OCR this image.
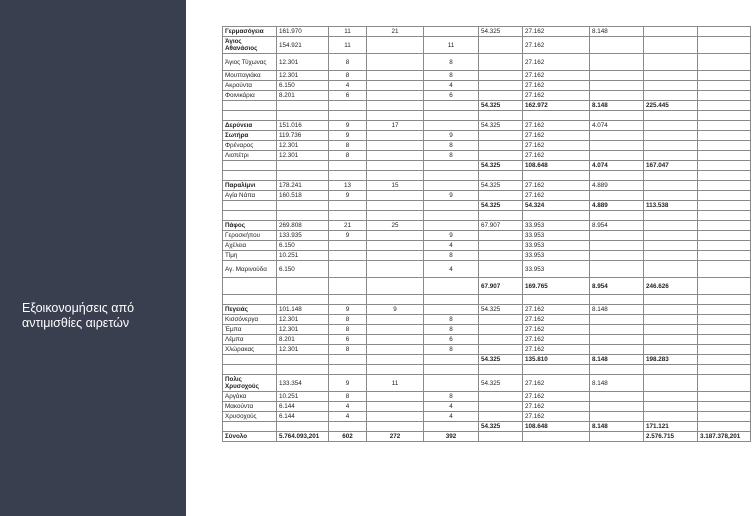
Εξοικονομήσεις από αντιμισθίες αιρετών
Γερμασόγεια	161.970	11	21		54.325	27.162	8.148		
Άγιος Αθανάσιος	154.921	11		11		27.162			
Άγιος Τύχωνας	12.301	8		8		27.162			
Μουτταγιάκα	12.301	8		8		27.162			
Ακρούντα	6.150	4		4		27.162			
Φοινικάρια	8.201	6		6		27.162			
					54.325	162.972	8.148	225.445	

Δερύνεια	151.016	9	17		54.325	27.162	4.074		
Σωτήρα	119.736	9		9		27.162			
Φρέναρος	12.301	8		8		27.162			
Λιοπέτρι	12.301	8		8		27.162			
					54.325	108.648	4.074	167.047	

Παραλίμνι	178.241	13	15		54.325	27.162	4.889		
Αγία Νάπα	160.518	9		9		27.162			
					54.325	54.324	4.889	113.538	

Πάφος	269.808	21	25		67.907	33.953	8.954		
Γεροσκήπου	133.935	9		9		33.953			
Αχέλεια	6.150			4		33.953			
Τίμη	10.251			8		33.953			
Αγ. Μαρινούδα	6.150			4		33.953			
					67.907	169.765	8.954	246.626	

Πεγειάς	101.148	9	9		54.325	27.162	8.148		
Κισσόνεργα	12.301	8		8		27.162			
Έμπα	12.301	8		8		27.162			
Λέμπα	8.201	6		6		27.162			
Χλώρακας	12.301	8		8		27.162			
					54.325	135.810	8.148	198.283	

Πολις Χρυσοχούς	133.354	9	11		54.325	27.162	8.148		
Αργάκα	10.251	8		8		27.162			
Μακούντα	6.144	4		4		27.162			
Χρυσοχούς	6.144	4		4		27.162			
					54.325	108.648	8.148	171.121	
Σύνολο	5.764.093,201	602	272	392				2.576.715	3.187.378,201
